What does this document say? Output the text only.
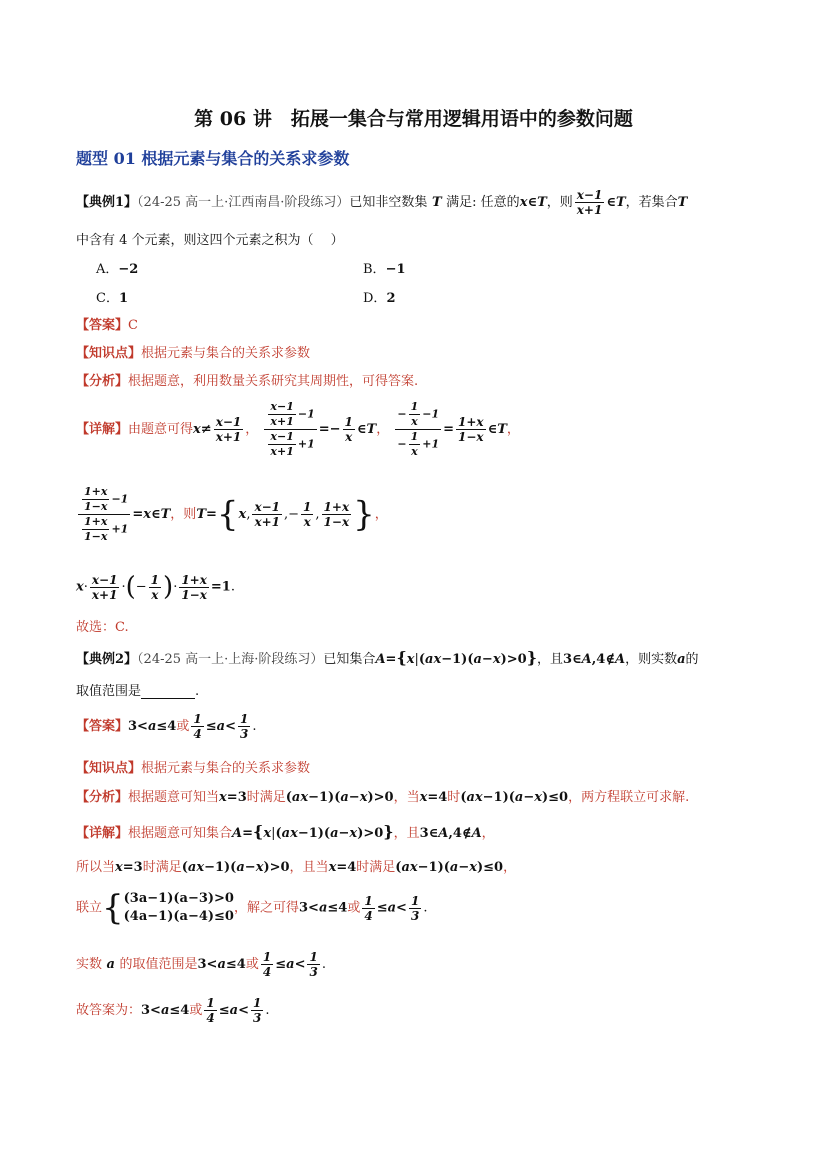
第 06 讲　拓展一集合与常用逻辑用语中的参数问题
题型 01 根据元素与集合的关系求参数
【典例1】（24-25 高一上·江西南昌·阶段练习）已知非空数集 T 满足: 任意的x∈T，则 $\frac{x-1}{x+1}$ ∈T，若集合T
中含有 4 个元素，则这四个元素之积为（　 ）
A．−2	B．−1
C．1	D．2
【答案】C
【知识点】根据元素与集合的关系求参数
【分析】根据题意，利用数量关系研究其周期性，可得答案.
【详解】由题意可得$x\ne \frac{x-1}{x+1}$ ， $\frac{\frac{x-1}{x+1} -1}{\frac{x-1}{x+1} +1} =- \frac{1}{x}$ ∈T， $\frac{- \frac{1}{x} -1}{- \frac{1}{x} +1} = \frac{1+x}{1-x}$ ∈T，
$\frac{\frac{1+x}{1-x} -1}{\frac{1+x}{1-x} +1}$ =x∈T，则T={x, $\frac{x-1}{x+1}$ ,− $\frac{1}{x}$ , $\frac{1+x}{1-x}$ }，
$x\cdot \frac{x-1}{x+1}$ ·(− $\frac{1}{x}$ )· $\frac{1+x}{1-x} =1$.
故选：C.
【典例2】（24-25 高一上·上海·阶段练习）已知集合A={x|(ax−1)(a−x)>0}，且3∈A,4∉A，则实数a的
取值范围是	.
【答案】3<a≤4或 $\frac{1}{4} \le a< \frac{1}{3}$ .
【知识点】根据元素与集合的关系求参数
【分析】根据题意可知当x=3时满足(ax−1)(a−x)>0，当x=4时(ax−1)(a−x)≤0，两方程联立可求解.
【详解】根据题意可知集合A={x|(ax−1)(a−x)>0}，且3∈A,4∉A，
所以当x=3时满足(ax−1)(a−x)>0，且当x=4时满足(ax−1)(a−x)≤0，
联立 { (3a−1)(a−3)>0
(4a−1)(a−4)≤0
，解之可得3<a≤4或 $\frac{1}{4} \le a< \frac{1}{3}$ .
实数 a 的取值范围是3<a≤4或 $\frac{1}{4} \le a< \frac{1}{3}$ .
故答案为：3<a≤4或 $\frac{1}{4} \le a< \frac{1}{3}$ .
